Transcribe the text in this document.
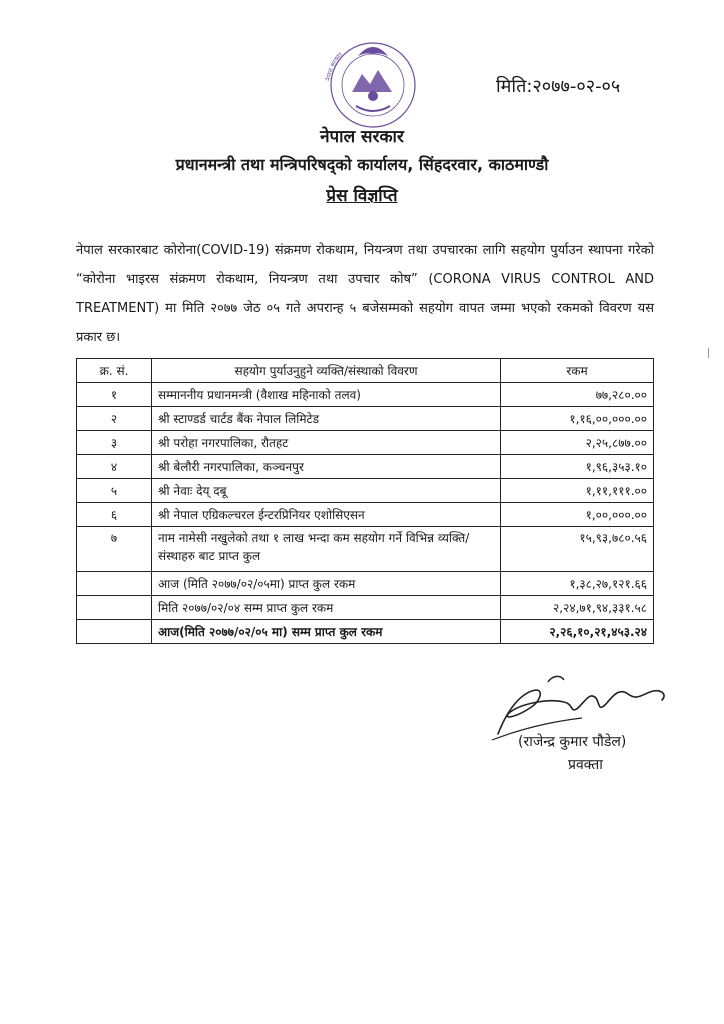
नेपाल सरकार
मिति:२०७७-०२-०५
नेपाल सरकार
प्रधानमन्त्री तथा मन्त्रिपरिषद्को कार्यालय, सिंहदरवार, काठमाण्डौ
प्रेस विज्ञप्ति

नेपाल सरकारबाट कोरोना(COVID-19) संक्रमण रोकथाम, नियन्त्रण तथा उपचारका लागि सहयोग पुर्याउन स्थापना गरेको “कोरोना भाइरस संक्रमण रोकथाम, नियन्त्रण तथा उपचार कोष” (CORONA VIRUS CONTROL AND TREATMENT) मा मिति २०७७ जेठ ०५ गते अपरान्ह ५ बजेसम्मको सहयोग वापत जम्मा भएको रकमको विवरण यस प्रकार छ।

क्र. सं.	सहयोग पुर्याउनुहुने व्यक्ति/संस्थाको विवरण	रकम
१	सम्माननीय प्रधानमन्त्री (वैशाख महिनाको तलव)	७७,२८०.००
२	श्री स्टाण्डर्ड चार्टड बैंक नेपाल लिमिटेड	१,१६,००,०००.००
३	श्री परोहा नगरपालिका, रौतहट	२,२५,८७७.००
४	श्री बेलौरी नगरपालिका, कञ्चनपुर	१,९६,३५३.१०
५	श्री नेवाः देय् दबू	१,११,१११.००
६	श्री नेपाल एग्रिकल्चरल ईन्टरप्रिनियर एशोसिएसन	१,००,०००.००
७	नाम नामेसी नखुलेको तथा १ लाख भन्दा कम सहयोग गर्ने विभिन्न व्यक्ति/संस्थाहरु बाट प्राप्त कुल	१५,९३,७८०.५६
	आज (मिति २०७७/०२/०५मा) प्राप्त कुल रकम	१,३८,२७,१२१.६६
	मिति २०७७/०२/०४ सम्म प्राप्त कुल रकम	२,२४,७१,९४,३३१.५८
	आज(मिति २०७७/०२/०५ मा) सम्म प्राप्त कुल रकम	२,२६,१०,२१,४५३.२४
(राजेन्द्र कुमार पौडेल)
प्रवक्ता
